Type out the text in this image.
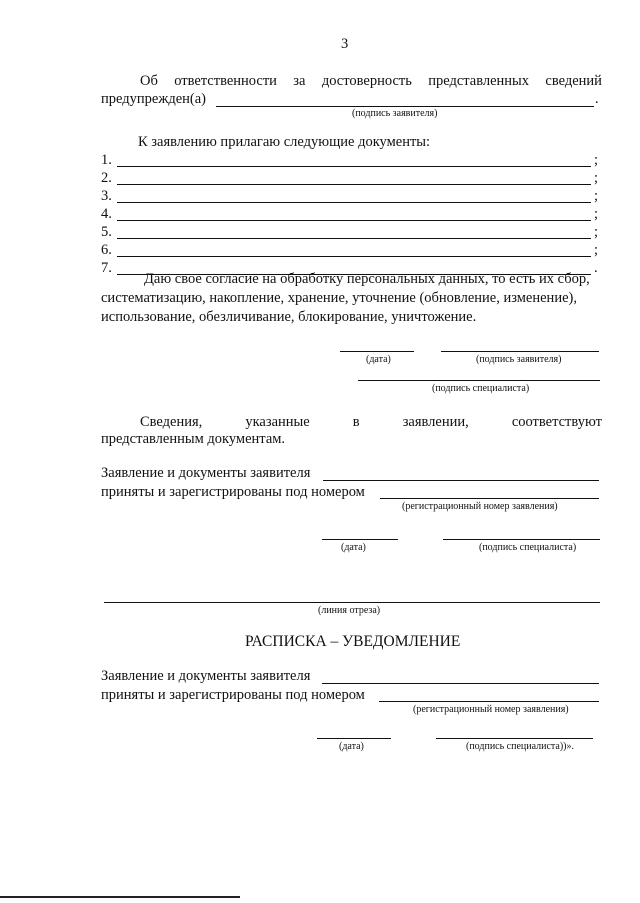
3
Об ответственности за достоверность представленных сведений
предупрежден(а)	.
(подпись заявителя)
К заявлению прилагаю следующие документы:
1.	;
2.	;
3.	;
4.	;
5.	;
6.	;
7.	.
Даю свое согласие на обработку персональных данных, то есть их сбор,
систематизацию, накопление, хранение, уточнение (обновление, изменение),
использование, обезличивание, блокирование, уничтожение.
(дата)	(подпись заявителя)
(подпись специалиста)
Сведения,	указанные	в	заявлении,	соответствуют
представленным документам.
Заявление и документы заявителя
приняты и зарегистрированы под номером
(регистрационный номер заявления)
(дата)	(подпись специалиста)
(линия отреза)
РАСПИСКА – УВЕДОМЛЕНИЕ
Заявление и документы заявителя
приняты и зарегистрированы под номером
(регистрационный номер заявления)
(дата)	(подпись специалиста))».
